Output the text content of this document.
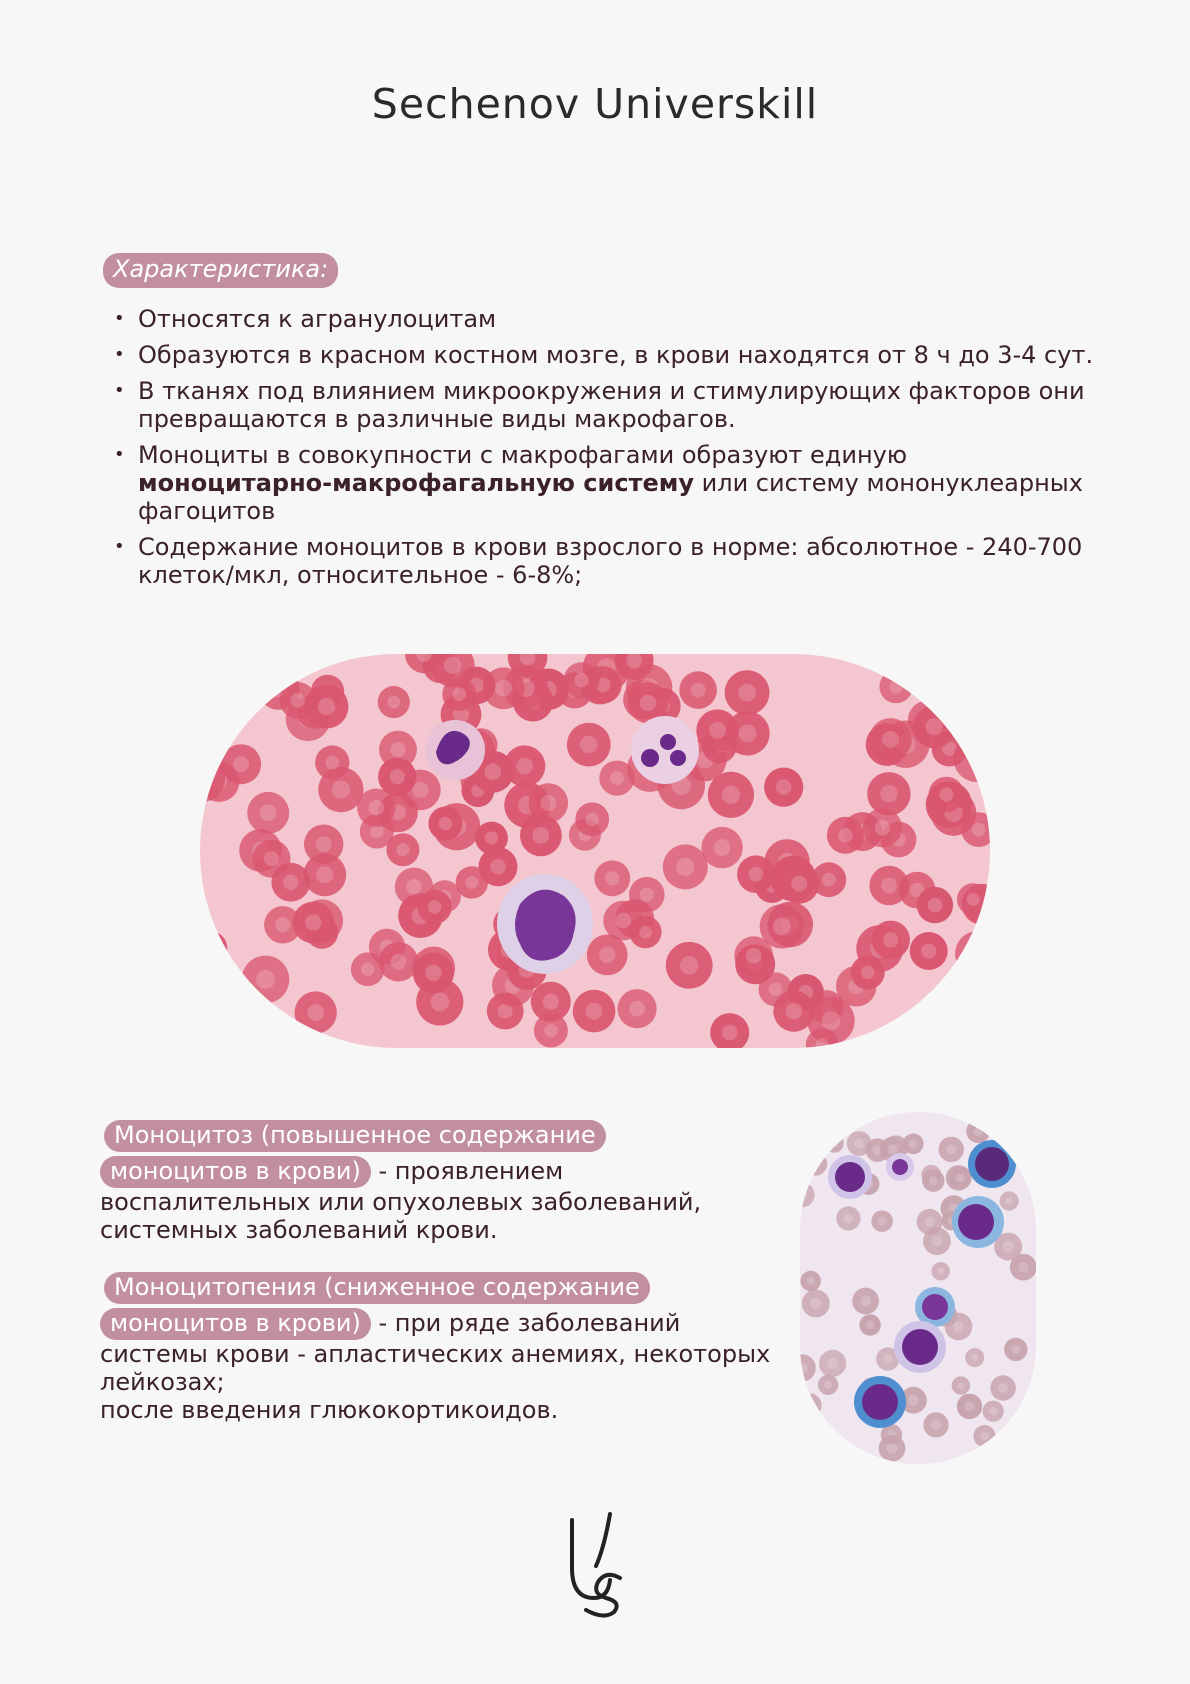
Sechenov Universkill
Характеристика:
• Относятся к агранулоцитам
• Образуются в красном костном мозге, в крови находятся от 8 ч до 3-4 сут.
• В тканях под влиянием микроокружения и стимулирующих факторов они превращаются в различные виды макрофагов.
• Моноциты в совокупности с макрофагами образуют единую моноцитарно-макрофагальную систему или систему мононуклеарных фагоцитов
• Содержание моноцитов в крови взрослого в норме: абсолютное - 240-700 клеток/мкл, относительное - 6-8%;
Моноцитоз (повышенное содержание
моноцитов в крови) - проявлением воспалительных или опухолевых заболеваний, системных заболеваний крови.
Моноцитопения (сниженное содержание
моноцитов в крови) - при ряде заболеваний системы крови - апластических анемиях, некоторых лейкозах;
после введения глюкокортикоидов.
